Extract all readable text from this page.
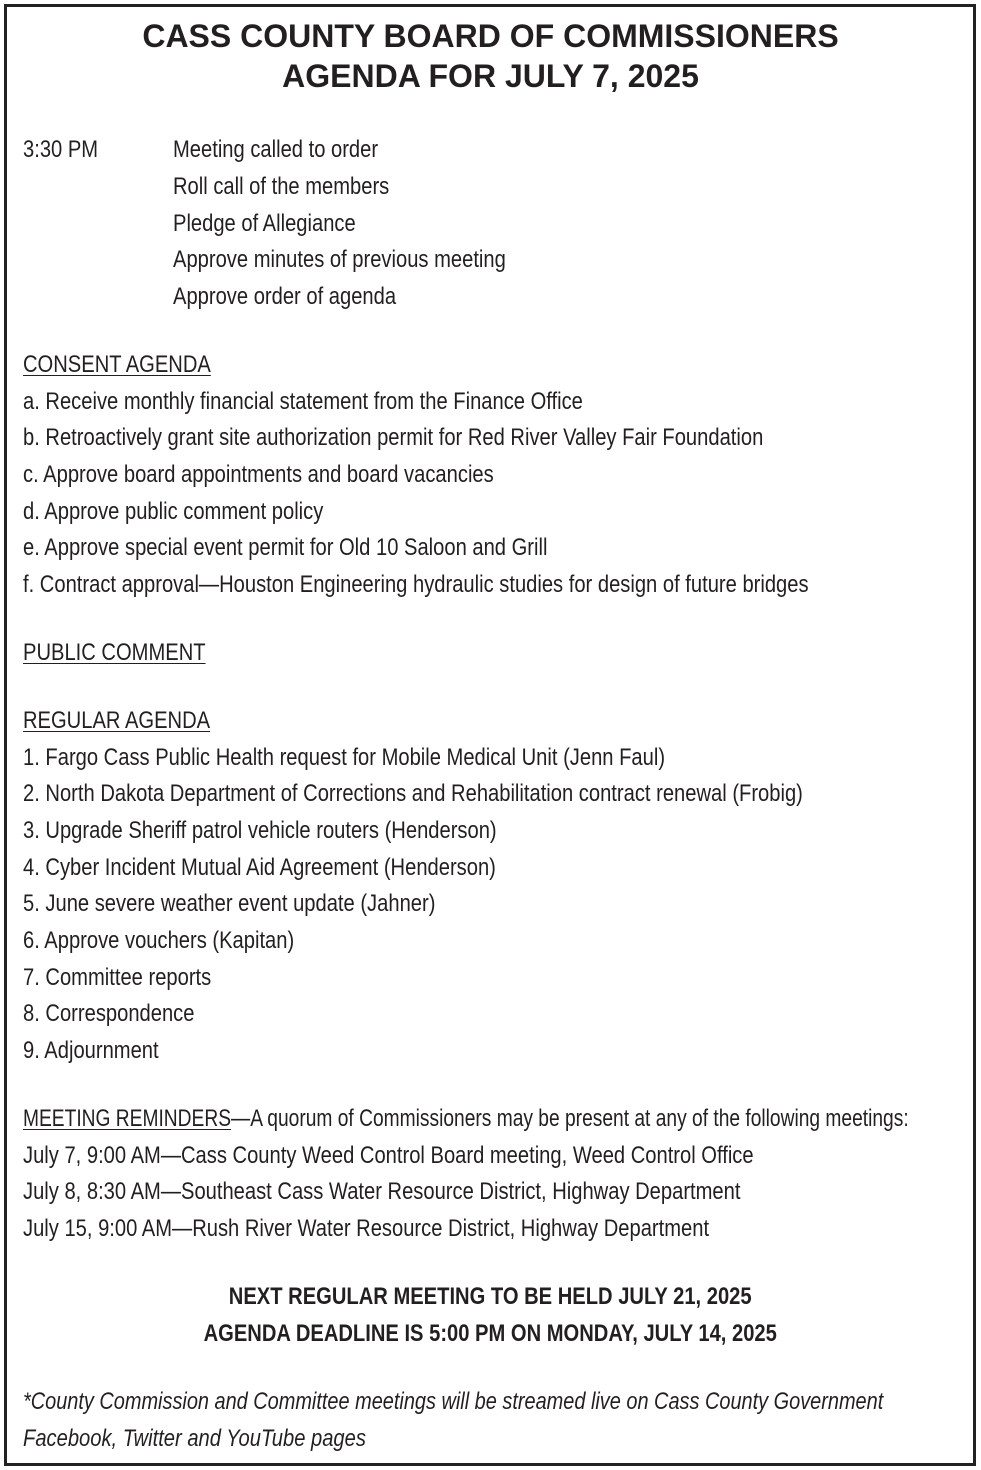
CASS COUNTY BOARD OF COMMISSIONERS
AGENDA FOR JULY 7, 2025
3:30 PM	Meeting called to order
Roll call of the members
Pledge of Allegiance
Approve minutes of previous meeting
Approve order of agenda
CONSENT AGENDA
a. Receive monthly financial statement from the Finance Office
b. Retroactively grant site authorization permit for Red River Valley Fair Foundation
c. Approve board appointments and board vacancies
d. Approve public comment policy
e. Approve special event permit for Old 10 Saloon and Grill
f. Contract approval—Houston Engineering hydraulic studies for design of future bridges
PUBLIC COMMENT
REGULAR AGENDA
1. Fargo Cass Public Health request for Mobile Medical Unit (Jenn Faul)
2. North Dakota Department of Corrections and Rehabilitation contract renewal (Frobig)
3. Upgrade Sheriff patrol vehicle routers (Henderson)
4. Cyber Incident Mutual Aid Agreement (Henderson)
5. June severe weather event update (Jahner)
6. Approve vouchers (Kapitan)
7. Committee reports
8. Correspondence
9. Adjournment
MEETING REMINDERS—A quorum of Commissioners may be present at any of the following meetings:
July 7, 9:00 AM—Cass County Weed Control Board meeting, Weed Control Office
July 8, 8:30 AM—Southeast Cass Water Resource District, Highway Department
July 15, 9:00 AM—Rush River Water Resource District, Highway Department
NEXT REGULAR MEETING TO BE HELD JULY 21, 2025
AGENDA DEADLINE IS 5:00 PM ON MONDAY, JULY 14, 2025
*County Commission and Committee meetings will be streamed live on Cass County Government
Facebook, Twitter and YouTube pages
